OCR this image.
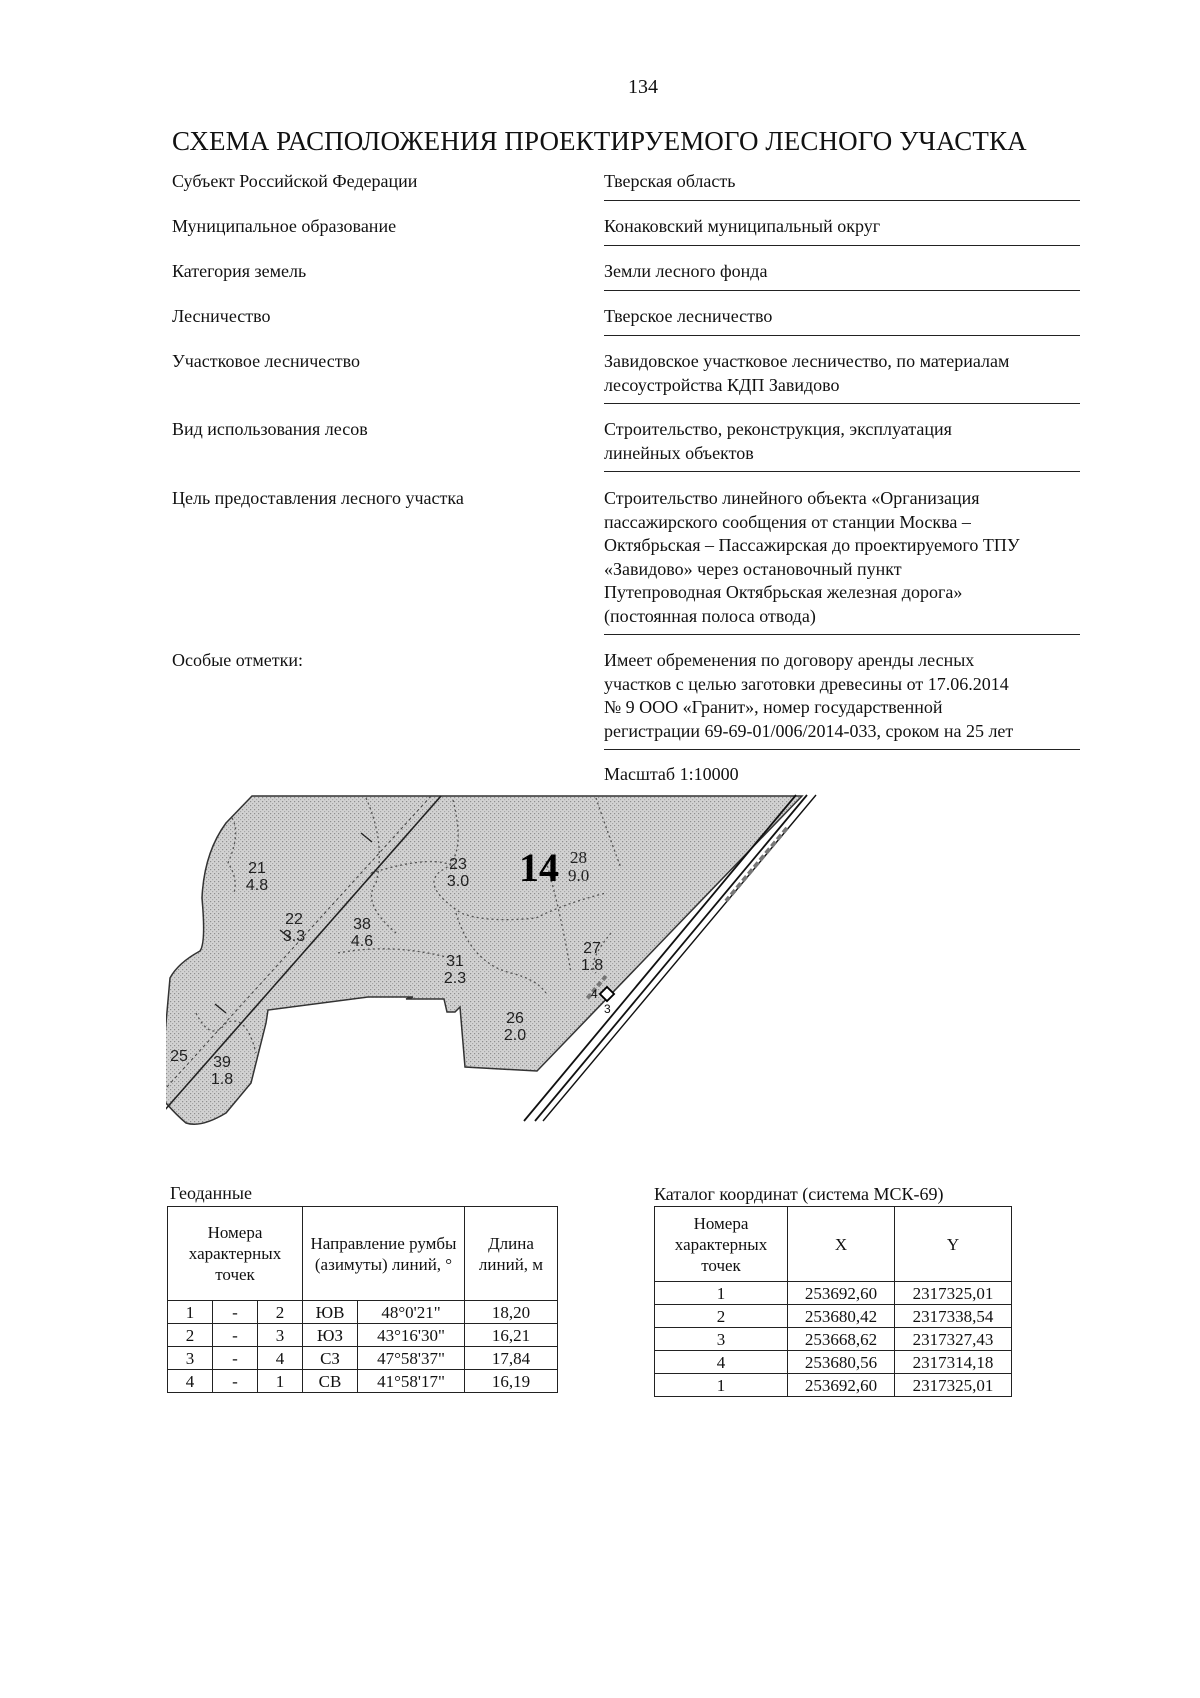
134
СХЕМА РАСПОЛОЖЕНИЯ ПРОЕКТИРУЕМОГО ЛЕСНОГО УЧАСТКА
Субъект Российской Федерации	Тверская область

Муниципальное образование	Конаковский муниципальный округ

Категория земель	Земли лесного фонда

Лесничество	Тверское лесничество

Участковое лесничество	Завидовское участковое лесничество, по материалам

лесоустройства КДП Завидово

Вид использования лесов	Строительство, реконструкция, эксплуатация

линейных объектов

Цель предоставления лесного участка	Строительство линейного объекта «Организация

пассажирского сообщения от станции Москва –

Октябрьская – Пассажирская до проектируемого ТПУ

«Завидово» через остановочный пункт

Путепроводная Октябрьская железная дорога»

(постоянная полоса отвода)

Особые отметки:	Имеет обременения по договору аренды лесных

участков с целью заготовки древесины от 17.06.2014

№ 9 ООО «Гранит», номер государственной

регистрации 69-69-01/006/2014-033, сроком на 25 лет

Масштаб 1:10000
4
3
14 28
9.0
21
4.8
23
3.0
22
3.3
38
4.6
31
2.3
27
1.8
26
2.0
39
1.8
25
Геоданные
Номера характерных точек			Направление румбы (азимуты) линий, °		Длина линий, м
1	-	2	ЮВ	48°0'21"	18,20
2	-	3	ЮЗ	43°16'30"	16,21
3	-	4	СЗ	47°58'37"	17,84
4	-	1	СВ	41°58'17"	16,19
Каталог координат (система МСК-69)
Номера характерных точек	X	Y
1	253692,60	2317325,01
2	253680,42	2317338,54
3	253668,62	2317327,43
4	253680,56	2317314,18
1	253692,60	2317325,01
